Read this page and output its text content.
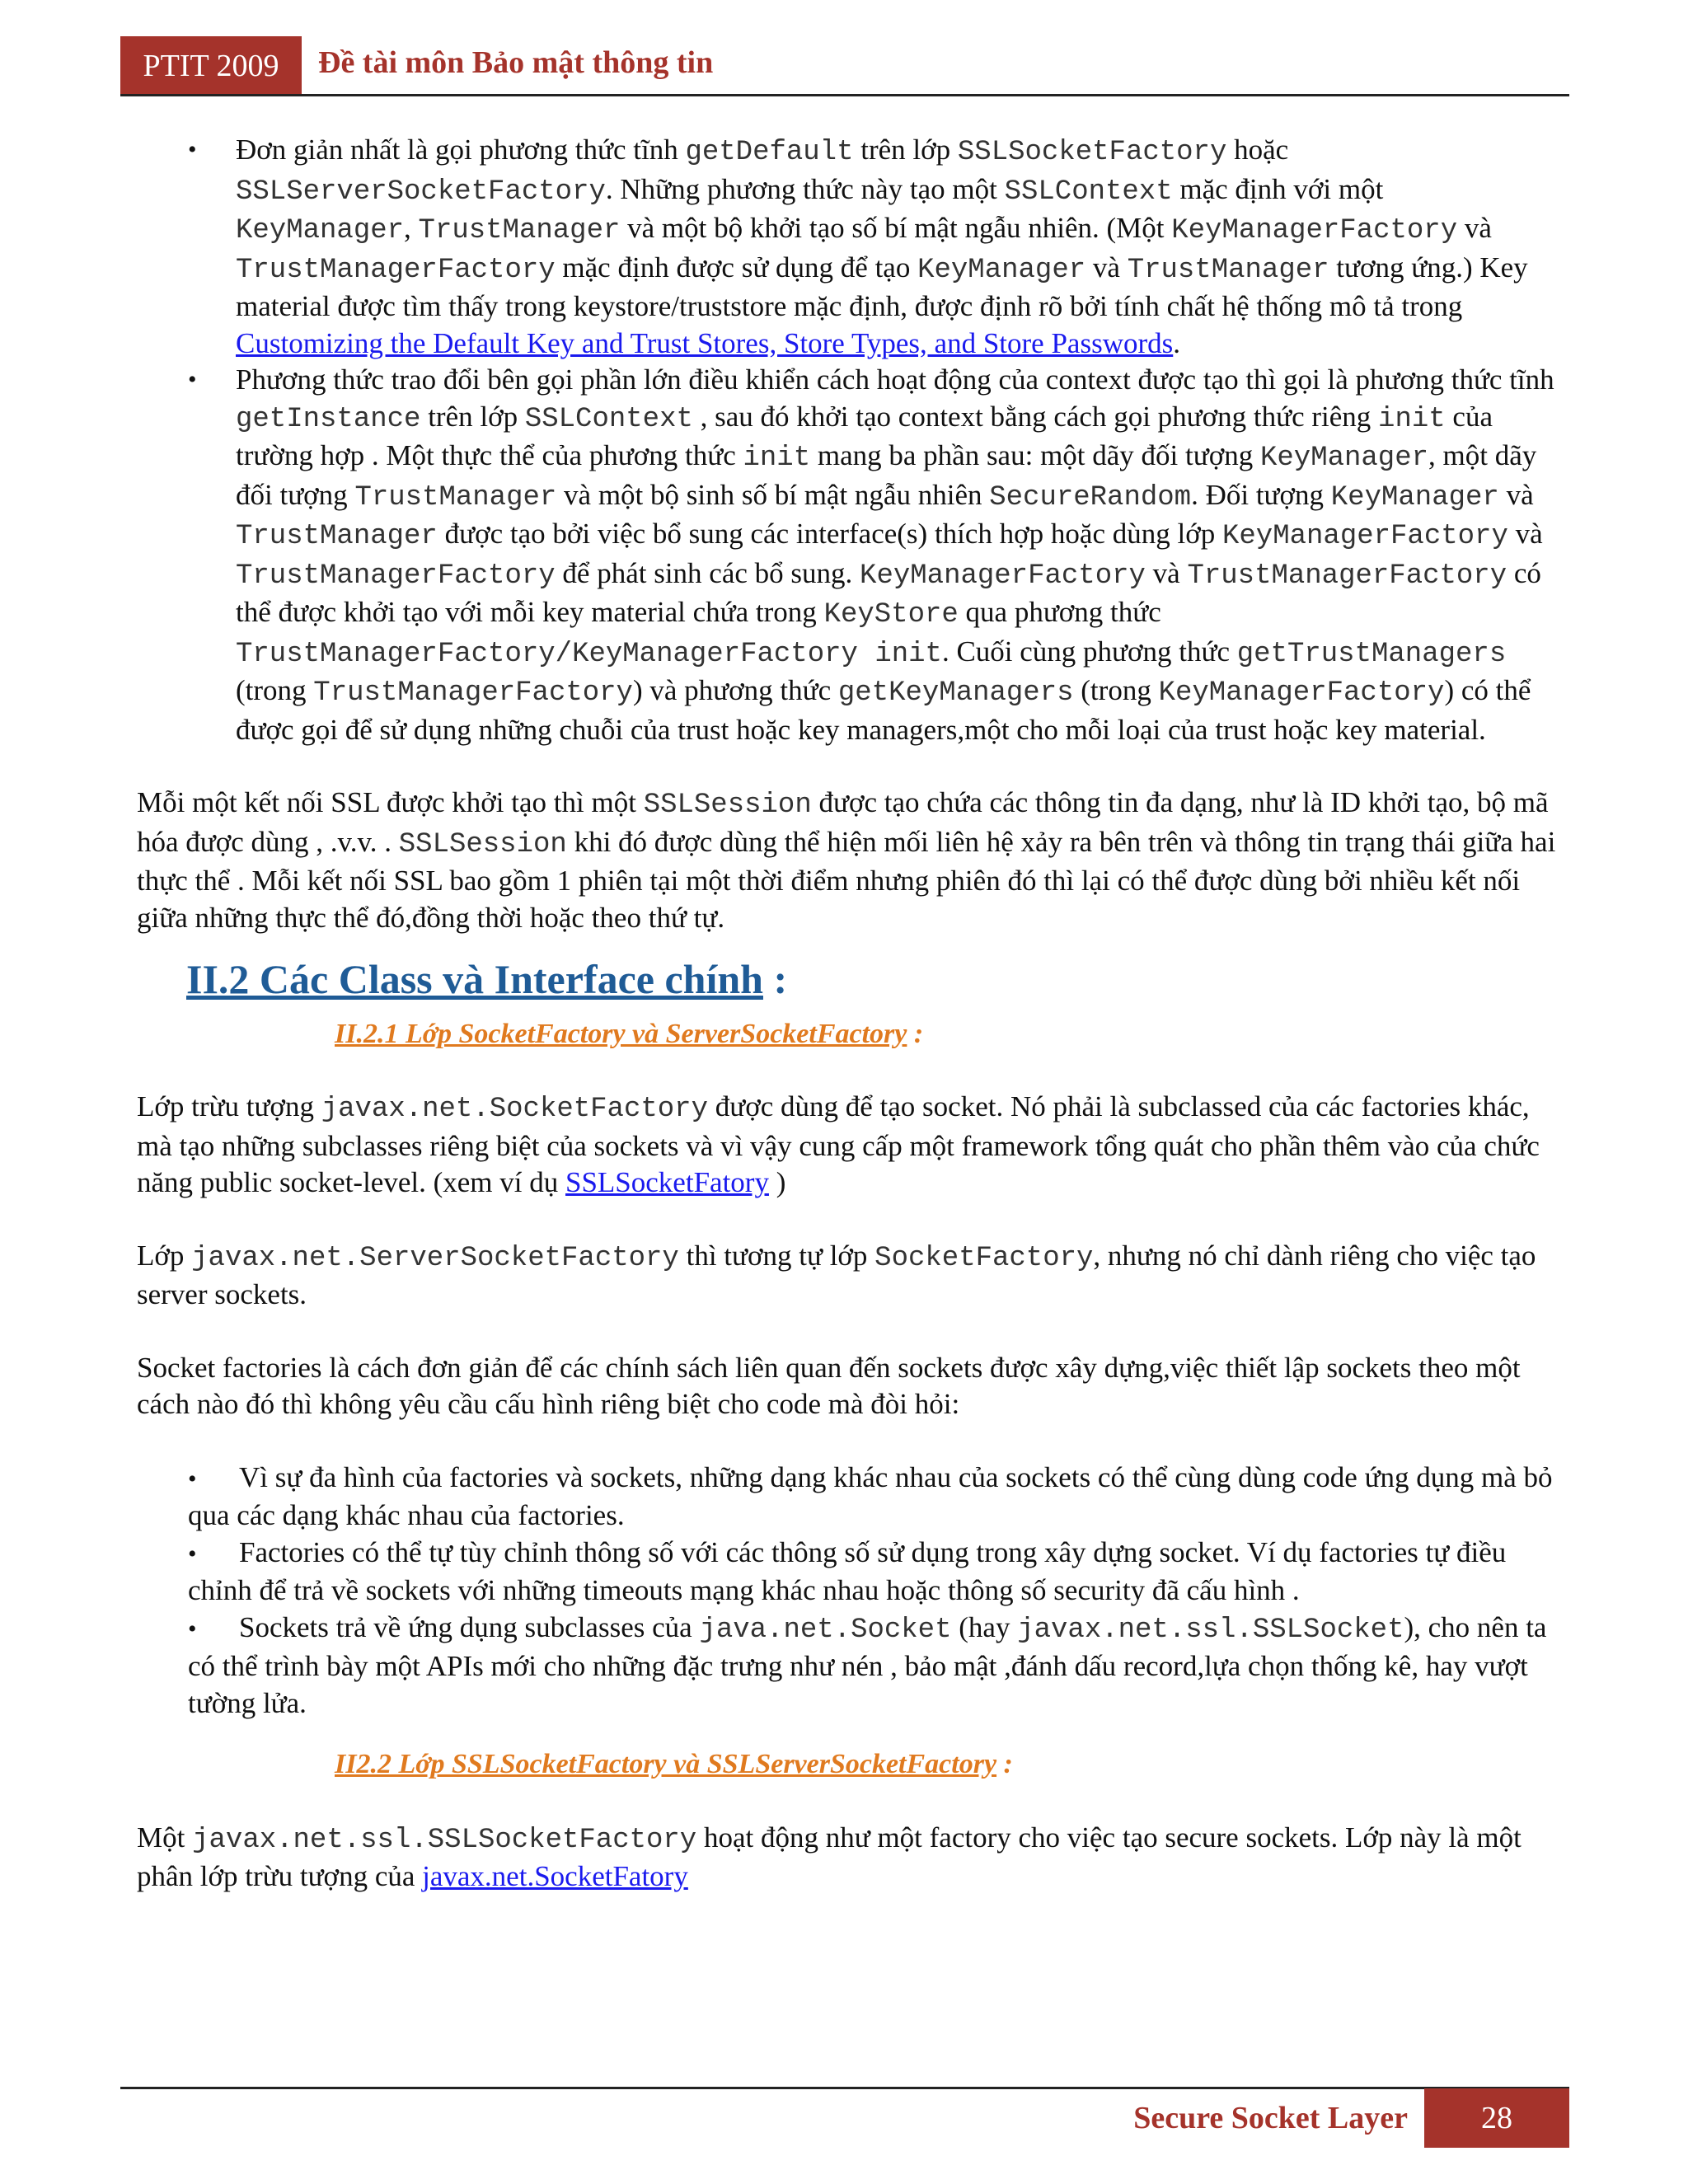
PTIT 2009	Đề tài môn Bảo mật thông tin
• Đơn giản nhất là gọi phương thức tĩnh getDefault trên lớp SSLSocketFactory hoặc SSLServerSocketFactory. Những phương thức này tạo một SSLContext mặc định với một KeyManager, TrustManager và một bộ khởi tạo số bí mật ngẫu nhiên. (Một KeyManagerFactory và TrustManagerFactory mặc định được sử dụng để tạo KeyManager và TrustManager tương ứng.) Key material được tìm thấy trong keystore/truststore mặc định, được định rõ bởi tính chất hệ thống mô tả trong Customizing the Default Key and Trust Stores, Store Types, and Store Passwords.
• Phương thức trao đổi bên gọi phần lớn điều khiển cách hoạt động của context được tạo thì gọi là phương thức tĩnh getInstance trên lớp SSLContext , sau đó khởi tạo context bằng cách gọi phương thức riêng init của trường hợp . Một thực thể của phương thức init mang ba phần sau: một dãy đối tượng KeyManager, một dãy đối tượng TrustManager và một bộ sinh số bí mật ngẫu nhiên SecureRandom. Đối tượng KeyManager và TrustManager được tạo bởi việc bổ sung các interface(s) thích hợp hoặc dùng lớp KeyManagerFactory và TrustManagerFactory để phát sinh các bổ sung. KeyManagerFactory và TrustManagerFactory có thể được khởi tạo với mỗi key material chứa trong KeyStore qua phương thức TrustManagerFactory/KeyManagerFactory init. Cuối cùng phương thức getTrustManagers (trong TrustManagerFactory) và phương thức getKeyManagers (trong KeyManagerFactory) có thể được gọi để sử dụng những chuỗi của trust hoặc key managers,một cho mỗi loại của trust hoặc key material.

Mỗi một kết nối SSL được khởi tạo thì một SSLSession được tạo chứa các thông tin đa dạng, như là ID khởi tạo, bộ mã hóa được dùng , .v.v. . SSLSession khi đó được dùng thể hiện mối liên hệ xảy ra bên trên và thông tin trạng thái giữa hai thực thể . Mỗi kết nối SSL bao gồm 1 phiên tại một thời điểm nhưng phiên đó thì lại có thể được dùng bởi nhiều kết nối giữa những thực thể đó,đồng thời hoặc theo thứ tự.

II.2 Các Class và Interface chính :
II.2.1 Lớp SocketFactory và ServerSocketFactory :

Lớp trừu tượng javax.net.SocketFactory được dùng để tạo socket. Nó phải là subclassed của các factories khác, mà tạo những subclasses riêng biệt của sockets và vì vậy cung cấp một framework tổng quát cho phần thêm vào của chức năng public socket-level. (xem ví dụ SSLSocketFatory )

Lớp javax.net.ServerSocketFactory thì tương tự lớp SocketFactory, nhưng nó chỉ dành riêng cho việc tạo server sockets.

Socket factories là cách đơn giản để các chính sách liên quan đến sockets được xây dựng,việc thiết lập sockets theo một cách nào đó thì không yêu cầu cấu hình riêng biệt cho code mà đòi hỏi:

• Vì sự đa hình của factories và sockets, những dạng khác nhau của sockets có thể cùng dùng code ứng dụng mà bỏ qua các dạng khác nhau của factories.
• Factories có thể tự tùy chỉnh thông số với các thông số sử dụng trong xây dựng socket. Ví dụ factories tự điều chỉnh để trả về sockets với những timeouts mạng khác nhau hoặc thông số security đã cấu hình .
• Sockets trả về ứng dụng subclasses của java.net.Socket (hay javax.net.ssl.SSLSocket), cho nên ta có thể trình bày một APIs mới cho những đặc trưng như nén , bảo mật ,đánh dấu record,lựa chọn thống kê, hay vượt tường lửa.
II2.2 Lớp SSLSocketFactory và SSLServerSocketFactory :

Một javax.net.ssl.SSLSocketFactory hoạt động như một factory cho việc tạo secure sockets. Lớp này là một phân lớp trừu tượng của javax.net.SocketFatory

Secure Socket Layer	28
